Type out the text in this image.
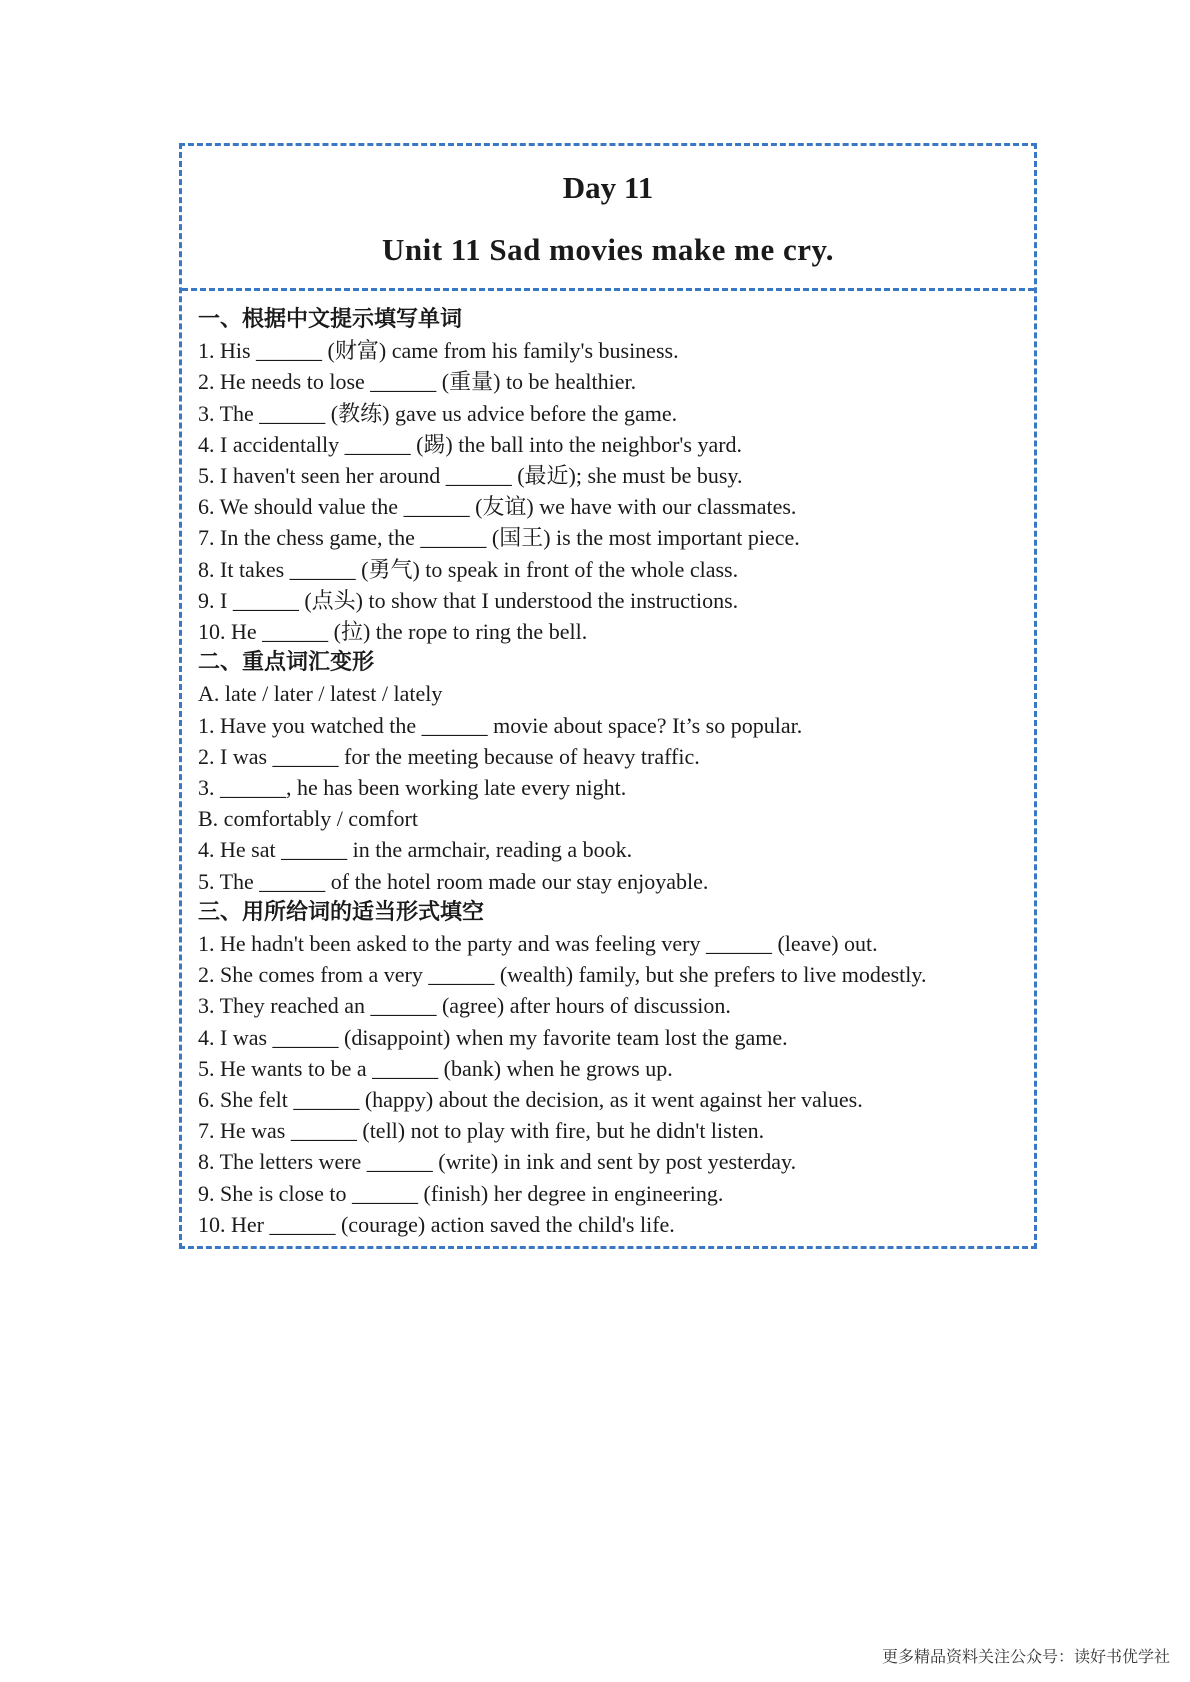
Day 11
Unit 11 Sad movies make me cry.
一、根据中文提示填写单词
1. His ______ (财富) came from his family's business.
2. He needs to lose ______ (重量) to be healthier.
3. The ______ (教练) gave us advice before the game.
4. I accidentally ______ (踢) the ball into the neighbor's yard.
5. I haven't seen her around ______ (最近); she must be busy.
6. We should value the ______ (友谊) we have with our classmates.
7. In the chess game, the ______ (国王) is the most important piece.
8. It takes ______ (勇气) to speak in front of the whole class.
9. I ______ (点头) to show that I understood the instructions.
10. He ______ (拉) the rope to ring the bell.
二、重点词汇变形
A. late / later / latest / lately
1. Have you watched the ______ movie about space? It’s so popular.
2. I was ______ for the meeting because of heavy traffic.
3. ______, he has been working late every night.
B. comfortably / comfort
4. He sat ______ in the armchair, reading a book.
5. The ______ of the hotel room made our stay enjoyable.
三、用所给词的适当形式填空
1. He hadn't been asked to the party and was feeling very ______ (leave) out.
2. She comes from a very ______ (wealth) family, but she prefers to live modestly.
3. They reached an ______ (agree) after hours of discussion.
4. I was ______ (disappoint) when my favorite team lost the game.
5. He wants to be a ______ (bank) when he grows up.
6. She felt ______ (happy) about the decision, as it went against her values.
7. He was ______ (tell) not to play with fire, but he didn't listen.
8. The letters were ______ (write) in ink and sent by post yesterday.
9. She is close to ______ (finish) her degree in engineering.
10. Her ______ (courage) action saved the child's life.
更多精品资料关注公众号：读好书优学社
